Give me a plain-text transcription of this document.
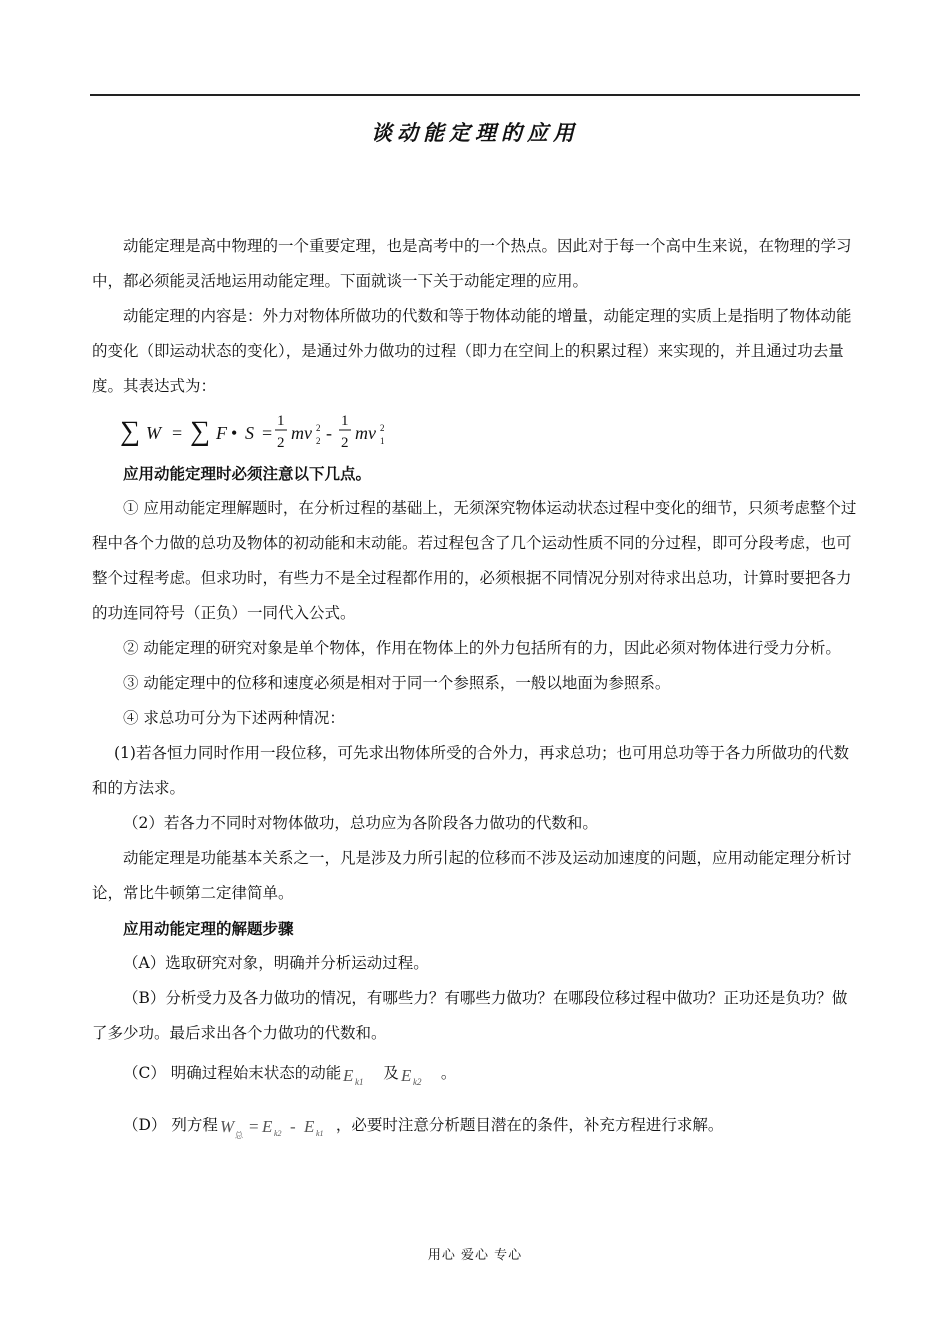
谈动能定理的应用

动能定理是高中物理的一个重要定理，也是高考中的一个热点。因此对于每一个高中生来说，在物理的学习中，都必须能灵活地运用动能定理。下面就谈一下关于动能定理的应用。

动能定理的内容是：外力对物体所做功的代数和等于物体动能的增量，动能定理的实质上是指明了物体动能的变化（即运动状态的变化），是通过外力做功的过程（即力在空间上的积累过程）来实现的，并且通过功去量度。其表达式为：

∑ W = ∑ F • S =
1
2 mv 2
2 -
1
2 mv 2
1

应用动能定理时必须注意以下几点。

① 应用动能定理解题时，在分析过程的基础上，无须深究物体运动状态过程中变化的细节，只须考虑整个过程中各个力做的总功及物体的初动能和末动能。若过程包含了几个运动性质不同的分过程，即可分段考虑，也可整个过程考虑。但求功时，有些力不是全过程都作用的，必须根据不同情况分别对待求出总功，计算时要把各力的功连同符号（正负）一同代入公式。

② 动能定理的研究对象是单个物体，作用在物体上的外力包括所有的力，因此必须对物体进行受力分析。

③ 动能定理中的位移和速度必须是相对于同一个参照系，一般以地面为参照系。

④ 求总功可分为下述两种情况：

(1)若各恒力同时作用一段位移，可先求出物体所受的合外力，再求总功；也可用总功等于各力所做功的代数和的方法求。

（2）若各力不同时对物体做功，总功应为各阶段各力做功的代数和。

动能定理是功能基本关系之一，凡是涉及力所引起的位移而不涉及运动加速度的问题，应用动能定理分析讨论，常比牛顿第二定律简单。

应用动能定理的解题步骤

（A）选取研究对象，明确并分析运动过程。

（B）分析受力及各力做功的情况，有哪些力？有哪些力做功？在哪段位移过程中做功？正功还是负功？做了多少功。最后求出各个力做功的代数和。

（C） 明确过程始末状态的动能 E k1 及 E k2 。

（D） 列方程 W 总 = E k2 - E k1 ，必要时注意分析题目潜在的条件，补充方程进行求解。

用心 爱心 专心
